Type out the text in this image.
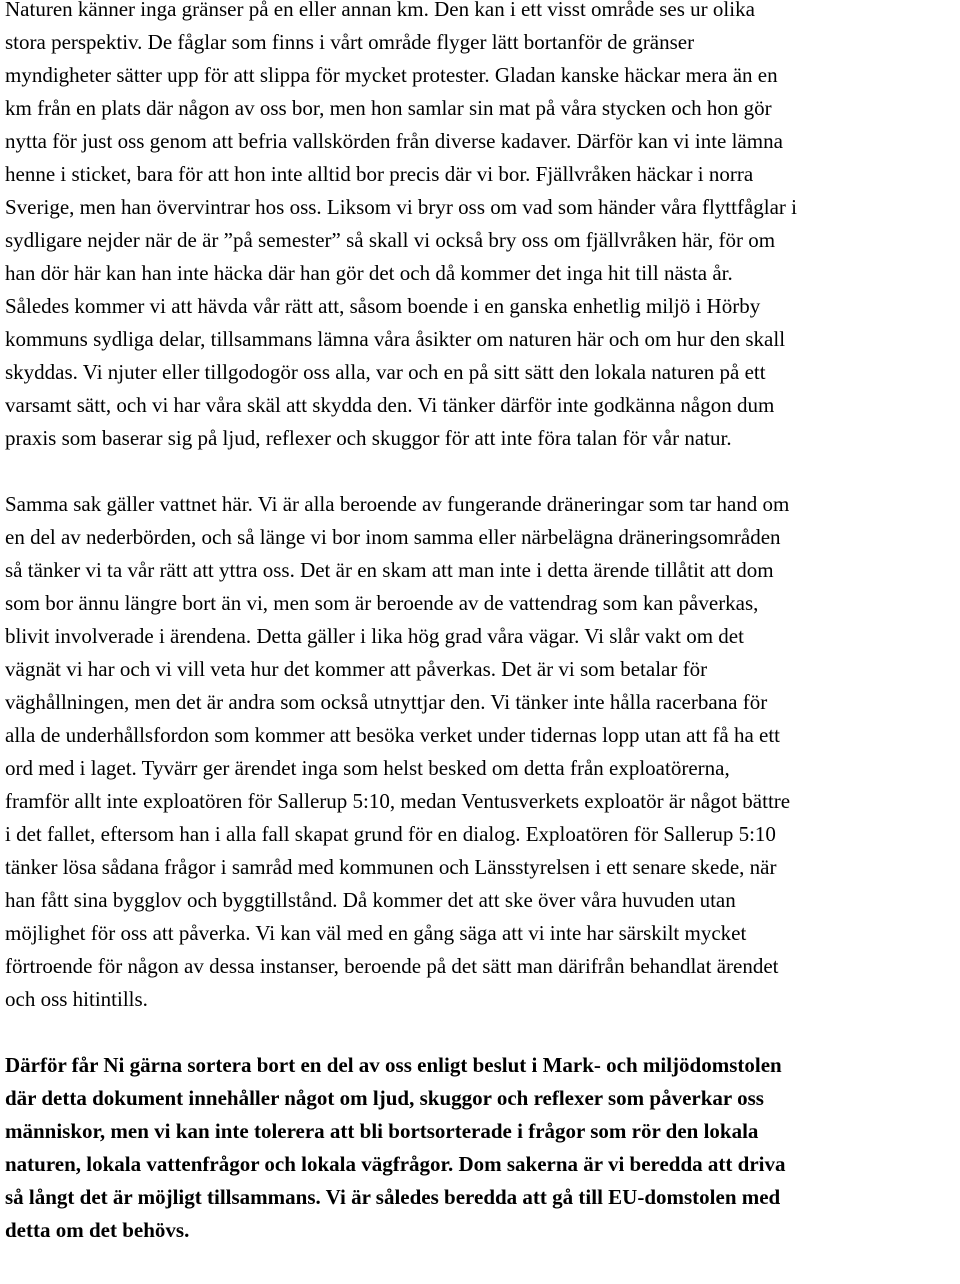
Naturen känner inga gränser på en eller annan km. Den kan i ett visst område ses ur olika
stora perspektiv. De fåglar som finns i vårt område flyger lätt bortanför de gränser
myndigheter sätter upp för att slippa för mycket protester. Gladan kanske häckar mera än en
km från en plats där någon av oss bor, men hon samlar sin mat på våra stycken och hon gör
nytta för just oss genom att befria vallskörden från diverse kadaver. Därför kan vi inte lämna
henne i sticket, bara för att hon inte alltid bor precis där vi bor. Fjällvråken häckar i norra
Sverige, men han övervintrar hos oss. Liksom vi bryr oss om vad som händer våra flyttfåglar i
sydligare nejder när de är ”på semester” så skall vi också bry oss om fjällvråken här, för om
han dör här kan han inte häcka där han gör det och då kommer det inga hit till nästa år.
Således kommer vi att hävda vår rätt att, såsom boende i en ganska enhetlig miljö i Hörby
kommuns sydliga delar, tillsammans lämna våra åsikter om naturen här och om hur den skall
skyddas. Vi njuter eller tillgodogör oss alla, var och en på sitt sätt den lokala naturen på ett
varsamt sätt, och vi har våra skäl att skydda den. Vi tänker därför inte godkänna någon dum
praxis som baserar sig på ljud, reflexer och skuggor för att inte föra talan för vår natur.
Samma sak gäller vattnet här. Vi är alla beroende av fungerande dräneringar som tar hand om
en del av nederbörden, och så länge vi bor inom samma eller närbelägna dräneringsområden
så tänker vi ta vår rätt att yttra oss. Det är en skam att man inte i detta ärende tillåtit att dom
som bor ännu längre bort än vi, men som är beroende av de vattendrag som kan påverkas,
blivit involverade i ärendena. Detta gäller i lika hög grad våra vägar. Vi slår vakt om det
vägnät vi har och vi vill veta hur det kommer att påverkas. Det är vi som betalar för
väghållningen, men det är andra som också utnyttjar den. Vi tänker inte hålla racerbana för
alla de underhållsfordon som kommer att besöka verket under tidernas lopp utan att få ha ett
ord med i laget. Tyvärr ger ärendet inga som helst besked om detta från exploatörerna,
framför allt inte exploatören för Sallerup 5:10, medan Ventusverkets exploatör är något bättre
i det fallet, eftersom han i alla fall skapat grund för en dialog. Exploatören för Sallerup 5:10
tänker lösa sådana frågor i samråd med kommunen och Länsstyrelsen i ett senare skede, när
han fått sina bygglov och byggtillstånd. Då kommer det att ske över våra huvuden utan
möjlighet för oss att påverka. Vi kan väl med en gång säga att vi inte har särskilt mycket
förtroende för någon av dessa instanser, beroende på det sätt man därifrån behandlat ärendet
och oss hitintills.
Därför får Ni gärna sortera bort en del av oss enligt beslut i Mark- och miljödomstolen
där detta dokument innehåller något om ljud, skuggor och reflexer som påverkar oss
människor, men vi kan inte tolerera att bli bortsorterade i frågor som rör den lokala
naturen, lokala vattenfrågor och lokala vägfrågor. Dom sakerna är vi beredda att driva
så långt det är möjligt tillsammans. Vi är således beredda att gå till EU-domstolen med
detta om det behövs.
